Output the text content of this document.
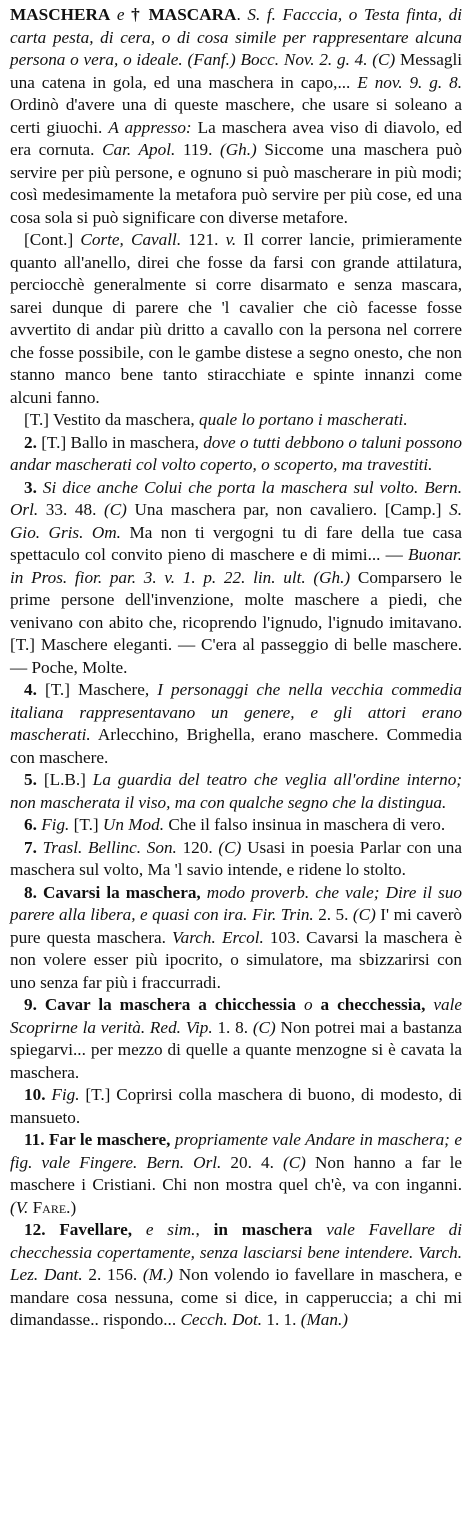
MASCHERA e † MASCARA. S. f. Facccia, o Testa finta, di carta pesta, di cera, o di cosa simile per rappresentare alcuna persona o vera, o ideale. (Fanf.) Bocc. Nov. 2. g. 4. (C) Messagli una catena in gola, ed una maschera in capo,... E nov. 9. g. 8. Ordinò d'avere una di queste maschere, che usare si soleano a certi giuochi. A appresso: La maschera avea viso di diavolo, ed era cornuta. Car. Apol. 119. (Gh.) Siccome una maschera può servire per più persone, e ognuno si può mascherare in più modi; così medesimamente la metafora può servire per più cose, ed una cosa sola si può significare con diverse metafore.

[Cont.] Corte, Cavall. 121. v. Il correr lancie, primieramente quanto all'anello, direi che fosse da farsi con grande attilatura, perciocchè generalmente si corre disarmato e senza mascara, sarei dunque di parere che 'l cavalier che ciò facesse fosse avvertito di andar più dritto a cavallo con la persona nel correre che fosse possibile, con le gambe distese a segno onesto, che non stanno manco bene tanto stiracchiate e spinte innanzi come alcuni fanno.

[T.] Vestito da maschera, quale lo portano i mascherati.

2. [T.] Ballo in maschera, dove o tutti debbono o taluni possono andar mascherati col volto coperto, o scoperto, ma travestiti.

3. Si dice anche Colui che porta la maschera sul volto. Bern. Orl. 33. 48. (C) Una maschera par, non cavaliero. [Camp.] S. Gio. Gris. Om. Ma non ti vergogni tu di fare della tue casa spettaculo col convito pieno di maschere e di mimi... — Buonar. in Pros. fior. par. 3. v. 1. p. 22. lin. ult. (Gh.) Comparsero le prime persone dell'invenzione, molte maschere a piedi, che venivano con abito che, ricoprendo l'ignudo, l'ignudo imitavano. [T.] Maschere eleganti. — C'era al passeggio di belle maschere. — Poche, Molte.

4. [T.] Maschere, I personaggi che nella vecchia commedia italiana rappresentavano un genere, e gli attori erano mascherati. Arlecchino, Brighella, erano maschere. Commedia con maschere.

5. [L.B.] La guardia del teatro che veglia all'ordine interno; non mascherata il viso, ma con qualche segno che la distingua.

6. Fig. [T.] Un Mod. Che il falso insinua in maschera di vero.

7. Trasl. Bellinc. Son. 120. (C) Usasi in poesia Parlar con una maschera sul volto, Ma 'l savio intende, e ridene lo stolto.

8. Cavarsi la maschera, modo proverb. che vale; Dire il suo parere alla libera, e quasi con ira. Fir. Trin. 2. 5. (C) I' mi caverò pure questa maschera. Varch. Ercol. 103. Cavarsi la maschera è non volere esser più ipocrito, o simulatore, ma sbizzarirsi con uno senza far più i fraccurradi.

9. Cavar la maschera a chicchessia o a checchessia, vale Scoprirne la verità. Red. Vip. 1. 8. (C) Non potrei mai a bastanza spiegarvi... per mezzo di quelle a quante menzogne si è cavata la maschera.

10. Fig. [T.] Coprirsi colla maschera di buono, di modesto, di mansueto.

11. Far le maschere, propriamente vale Andare in maschera; e fig. vale Fingere. Bern. Orl. 20. 4. (C) Non hanno a far le maschere i Cristiani. Chi non mostra quel ch'è, va con inganni. (V. Fare.)

12. Favellare, e sim., in maschera vale Favellare di checchessia copertamente, senza lasciarsi bene intendere. Varch. Lez. Dant. 2. 156. (M.) Non volendo io favellare in maschera, e mandare cosa nessuna, come si dice, in capperuccia; a chi mi dimandasse.. rispondo... Cecch. Dot. 1. 1. (Man.)
